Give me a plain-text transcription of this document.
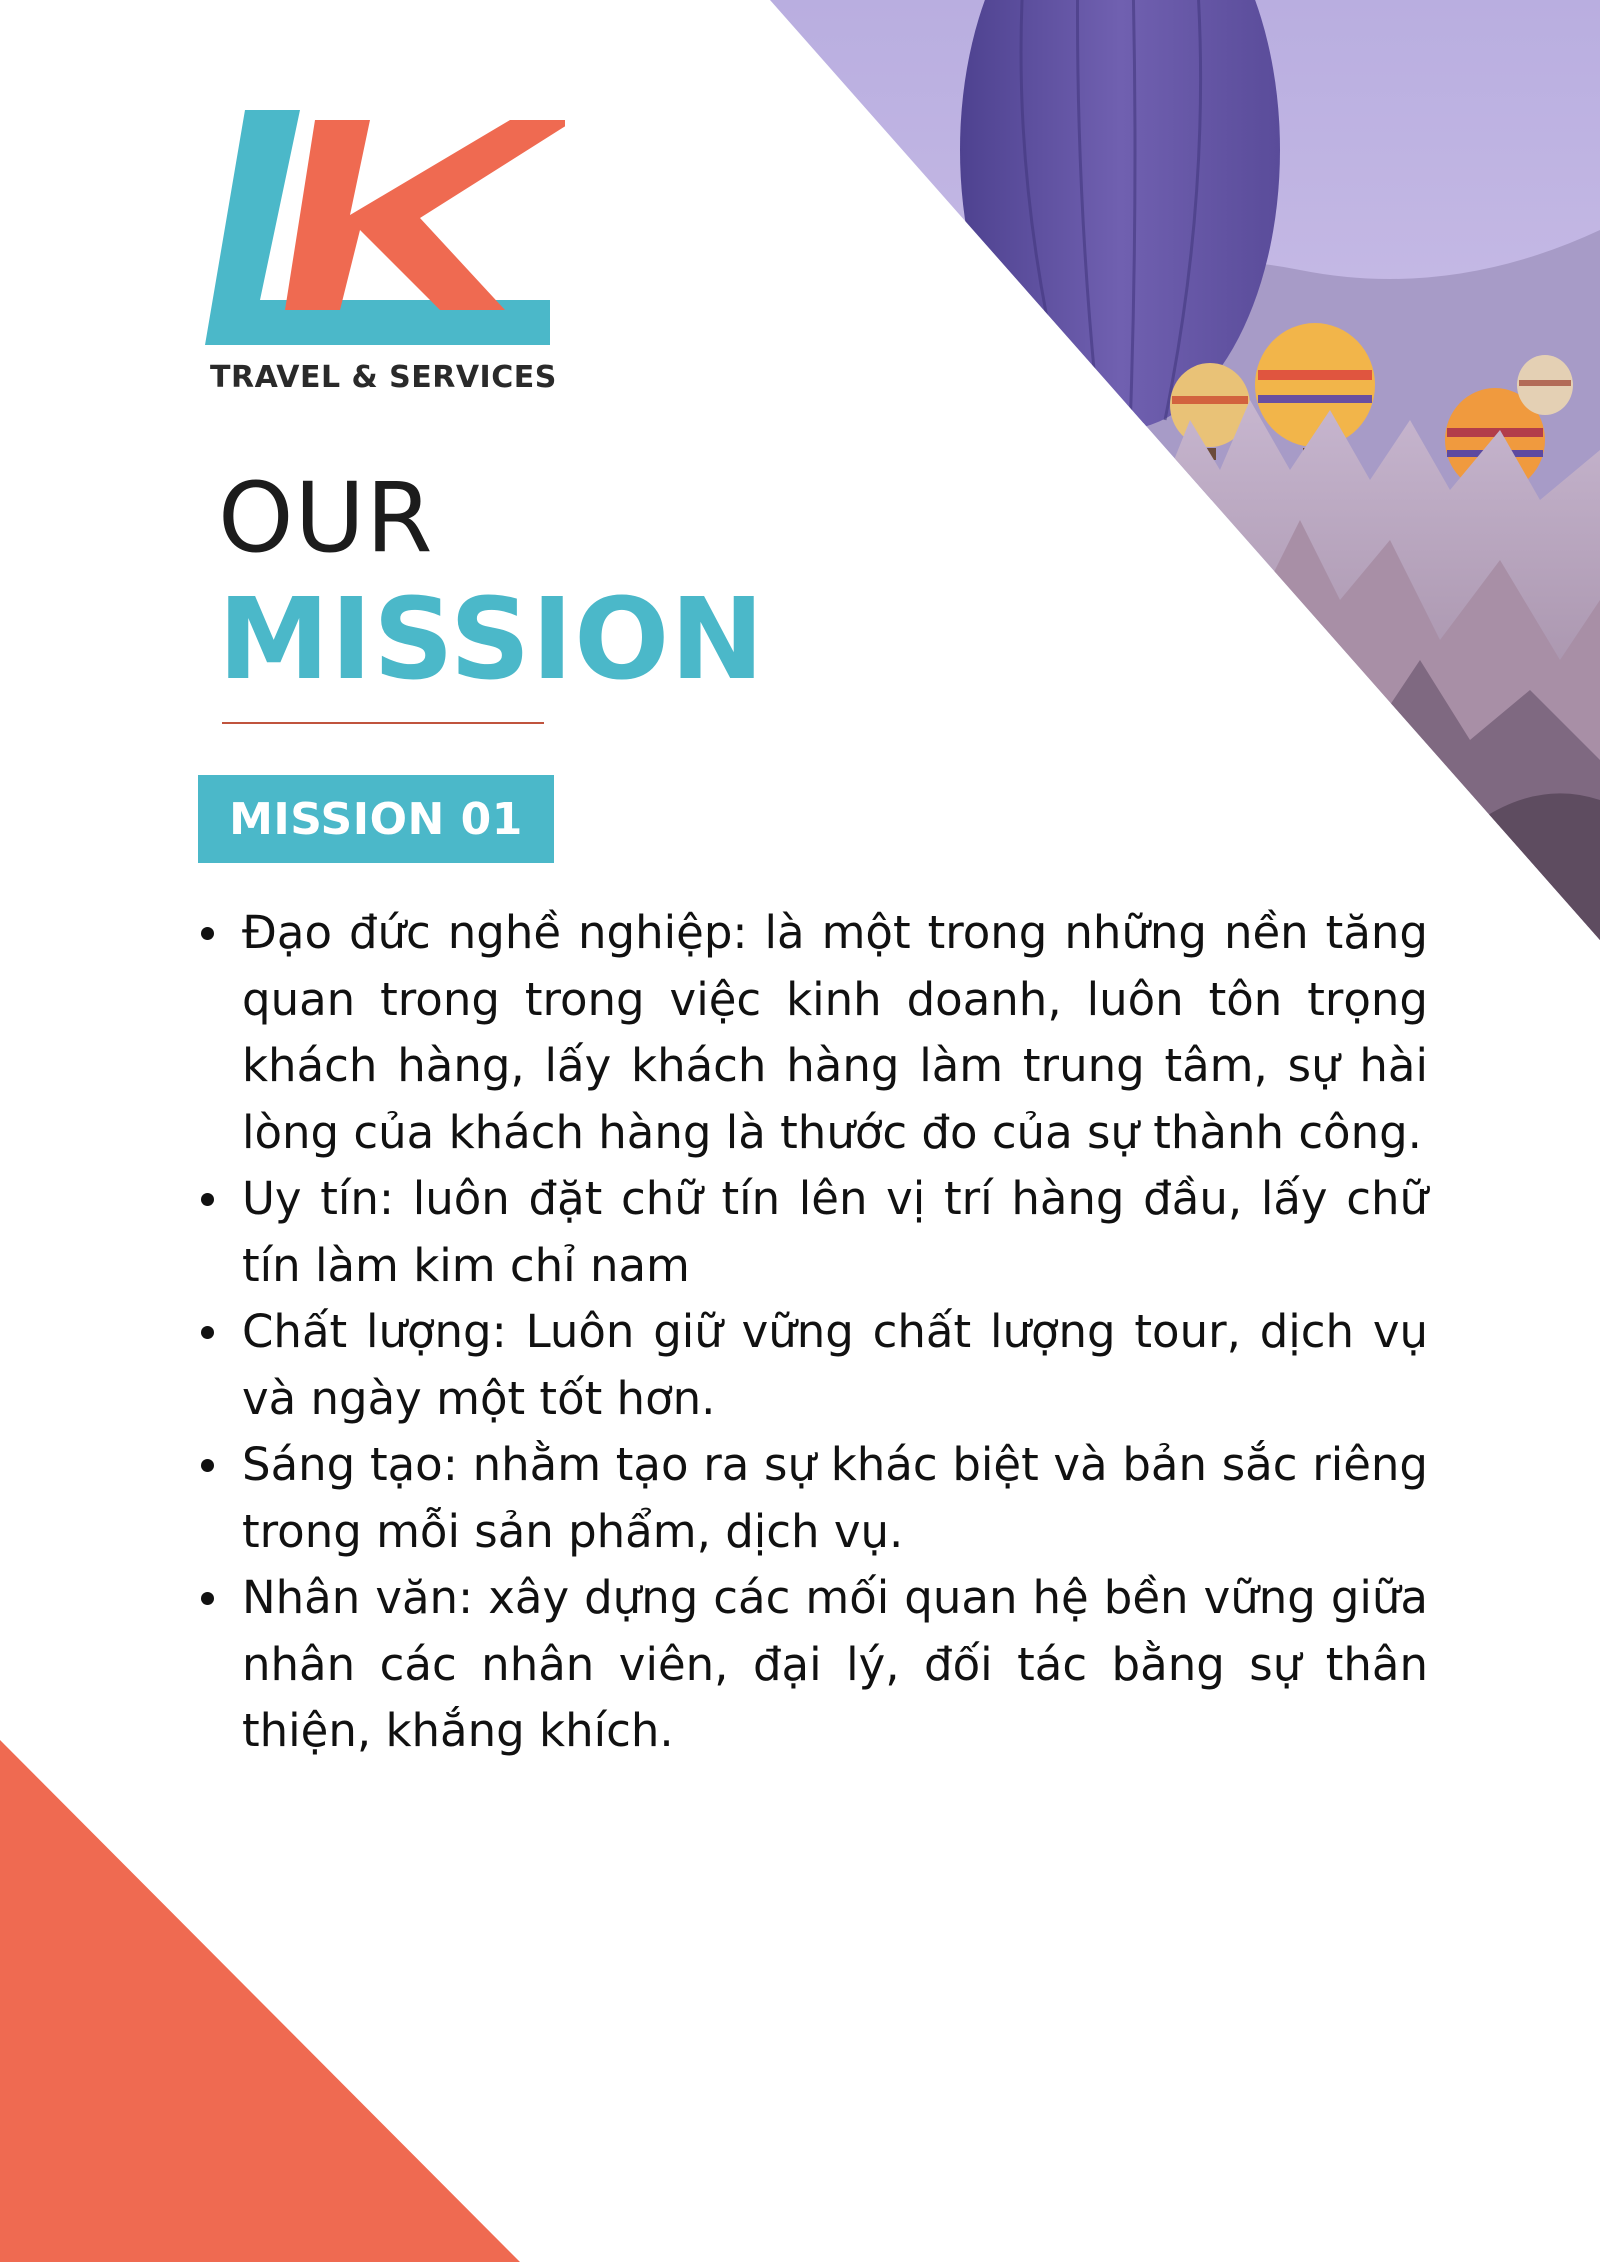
TRAVEL & SERVICES
OUR
MISSION
MISSION 01
Đạo đức nghề nghiệp: là một trong những nền tăng quan trong trong việc kinh doanh, luôn tôn trọng khách hàng, lấy khách hàng làm trung tâm, sự hài lòng của khách hàng là thước đo của sự thành công.
Uy tín: luôn đặt chữ tín lên vị trí hàng đầu, lấy chữ tín làm kim chỉ nam
Chất lượng: Luôn giữ vững chất lượng tour, dịch vụ và ngày một tốt hơn.
Sáng tạo: nhằm tạo ra sự khác biệt và bản sắc riêng trong mỗi sản phẩm, dịch vụ.
Nhân văn: xây dựng các mối quan hệ bền vững giữa nhân các nhân viên, đại lý, đối tác bằng sự thân thiện, khắng khích.
